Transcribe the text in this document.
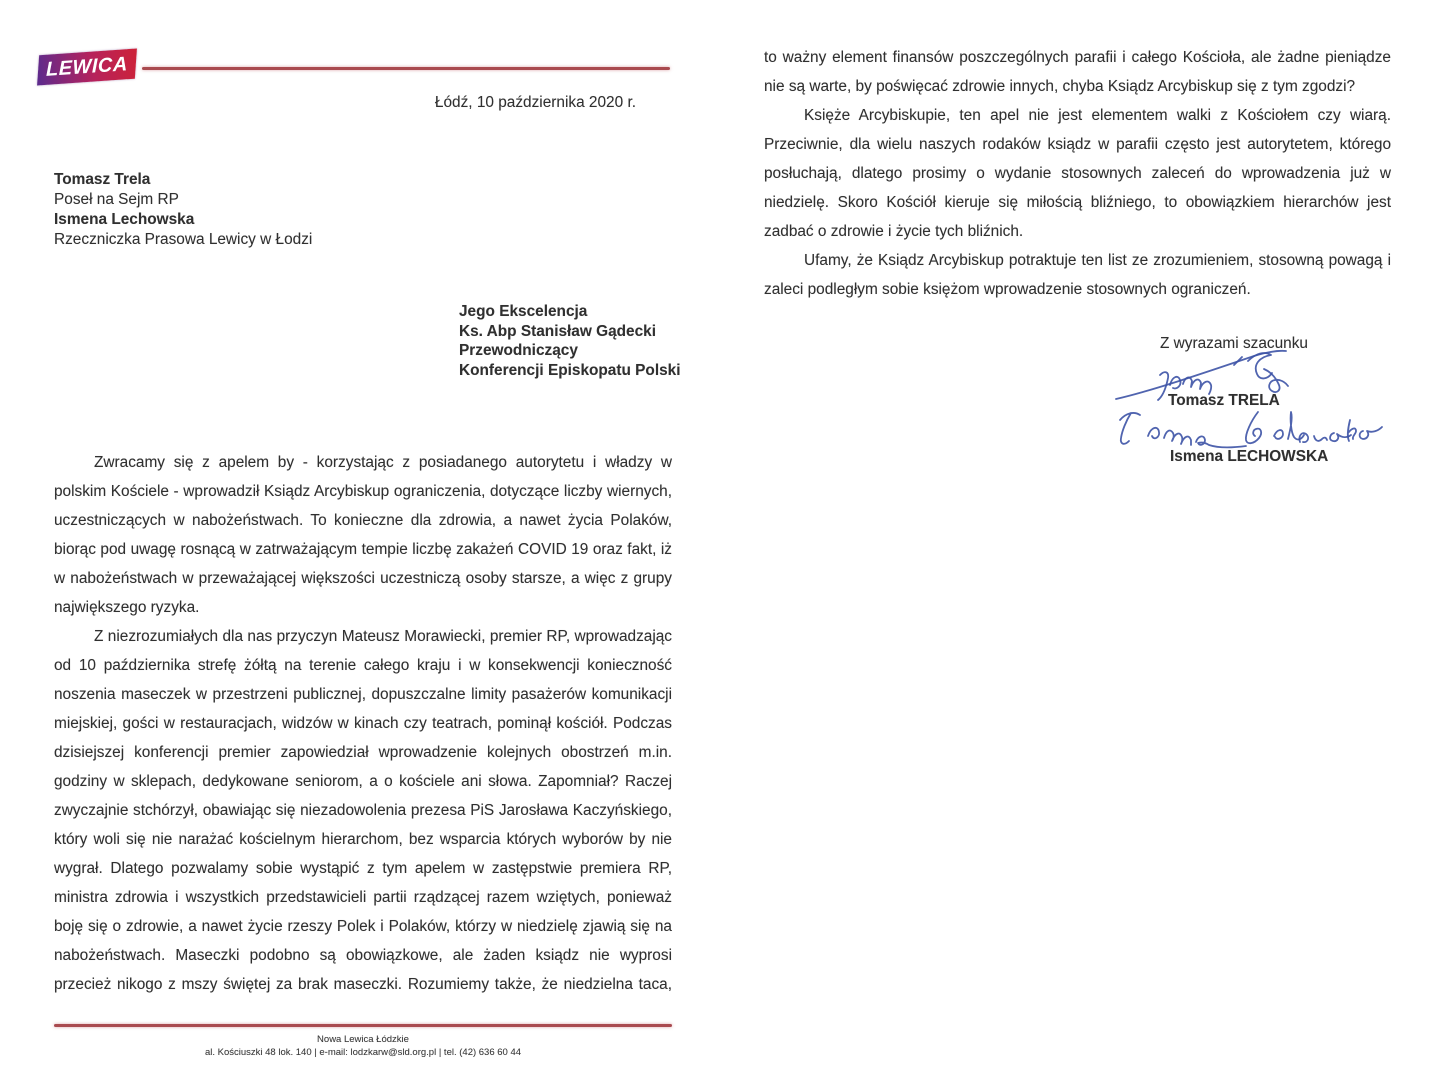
LEWICA
Łódź, 10 października 2020 r.
Tomasz Trela
Poseł na Sejm RP
Ismena Lechowska
Rzeczniczka Prasowa Lewicy w Łodzi
Jego Ekscelencja
Ks. Abp Stanisław Gądecki
Przewodniczący
Konferencji Episkopatu Polski

Zwracamy się z apelem by - korzystając z posiadanego autorytetu i władzy w polskim Kościele - wprowadził Ksiądz Arcybiskup ograniczenia, dotyczące liczby wiernych, uczestniczących w nabożeństwach. To konieczne dla zdrowia, a nawet życia Polaków, biorąc pod uwagę rosnącą w zatrważającym tempie liczbę zakażeń COVID 19 oraz fakt, iż w nabożeństwach w przeważającej większości uczestniczą osoby starsze, a więc z grupy największego ryzyka.

Z niezrozumiałych dla nas przyczyn Mateusz Morawiecki, premier RP, wprowadzając od 10 października strefę żółtą na terenie całego kraju i w konsekwencji konieczność noszenia maseczek w przestrzeni publicznej, dopuszczalne limity pasażerów komunikacji miejskiej, gości w restauracjach, widzów w kinach czy teatrach, pominął kościół. Podczas dzisiejszej konferencji premier zapowiedział wprowadzenie kolejnych obostrzeń m.in. godziny w sklepach, dedykowane seniorom, a o kościele ani słowa. Zapomniał? Raczej zwyczajnie stchórzył, obawiając się niezadowolenia prezesa PiS Jarosława Kaczyńskiego, który woli się nie narażać kościelnym hierarchom, bez wsparcia których wyborów by nie wygrał. Dlatego pozwalamy sobie wystąpić z tym apelem w zastępstwie premiera RP, ministra zdrowia i wszystkich przedstawicieli partii rządzącej razem wziętych, ponieważ boję się o zdrowie, a nawet życie rzeszy Polek i Polaków, którzy w niedzielę zjawią się na nabożeństwach. Maseczki podobno są obowiązkowe, ale żaden ksiądz nie wyprosi przecież nikogo z mszy świętej za brak maseczki. Rozumiemy także, że niedzielna taca,

Nowa Lewica Łódzkie
al. Kościuszki 48 lok. 140 | e-mail: lodzkarw@sld.org.pl | tel. (42) 636 60 44

to ważny element finansów poszczególnych parafii i całego Kościoła, ale żadne pieniądze nie są warte, by poświęcać zdrowie innych, chyba Ksiądz Arcybiskup się z tym zgodzi?

Księże Arcybiskupie, ten apel nie jest elementem walki z Kościołem czy wiarą. Przeciwnie, dla wielu naszych rodaków ksiądz w parafii często jest autorytetem, którego posłuchają, dlatego prosimy o wydanie stosownych zaleceń do wprowadzenia już w niedzielę. Skoro Kościół kieruje się miłością bliźniego, to obowiązkiem hierarchów jest zadbać o zdrowie i życie tych bliźnich.

Ufamy, że Ksiądz Arcybiskup potraktuje ten list ze zrozumieniem, stosowną powagą i zaleci podległym sobie księżom wprowadzenie stosownych ograniczeń.

Z wyrazami szacunku
Tomasz TRELA
Ismena LECHOWSKA
